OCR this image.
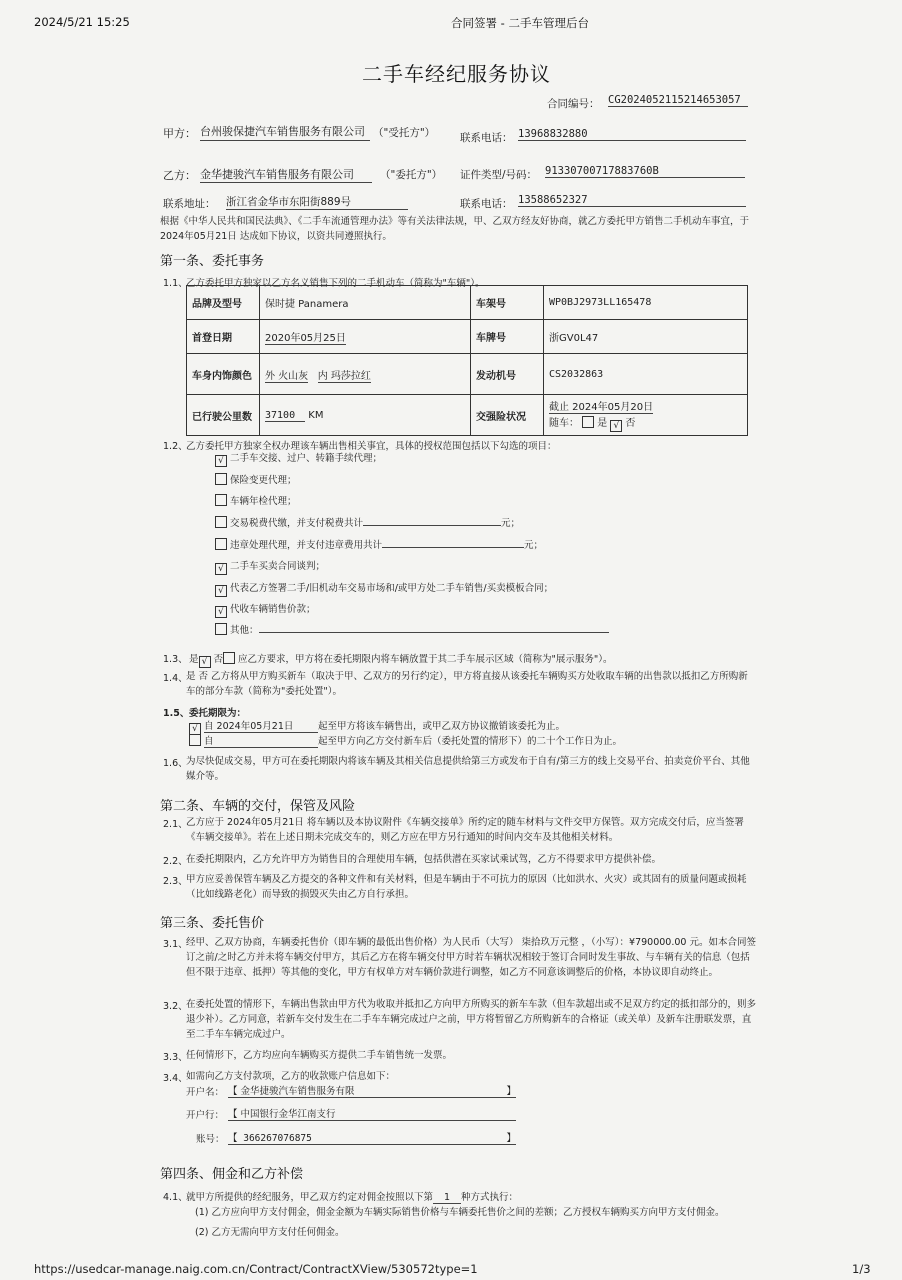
2024/5/21 15:25	合同签署 - 二手车管理后台
二手车经纪服务协议
合同编号： CG2024052115214653057
甲方： 台州骏保捷汽车销售服务有限公司 （"受托方"） 联系电话： 13968832880
乙方： 金华捷骏汽车销售服务有限公司	（"委托方"） 证件类型/号码： 91330700717883760B
联系地址： 浙江省金华市东阳街889号	联系电话： 13588652327
根据《中华人民共和国民法典》、《二手车流通管理办法》等有关法律法规，甲、乙双方经友好协商，就乙方委托甲方销售二手机动车事宜，于 2024年05月21日 达成如下协议，以资共同遵照执行。
第一条、委托事务
1.1、
乙方委托甲方独家以乙方名义销售下列的二手机动车（简称为"车辆"）。
品牌及型号	保时捷 Panamera	车架号	WP0BJ2973LL165478
首登日期	2020年05月25日	车牌号	浙GV0L47
车身内饰颜色	外 火山灰 内 玛莎拉红	发动机号	CS2032863
已行驶公里数	37100 KM	交强险状况	截止 2024年05月20日
随车： 是 √ 否
1.2、
乙方委托甲方独家全权办理该车辆出售相关事宜，具体的授权范围包括以下勾选的项目：
√ 二手车交接、过户、转籍手续代理；
保险变更代理；
车辆年检代理；
交易税费代缴，并支付税费共计	元；
违章处理代理，并支付违章费用共计	元；
√ 二手车买卖合同谈判；
√ 代表乙方签署二手/旧机动车交易市场和/或甲方处二手车销售/买卖模板合同；
√ 代收车辆销售价款；
其他：
1.3、 是 √ 否 应乙方要求，甲方将在委托期限内将车辆放置于其二手车展示区域（简称为"展示服务"）。
1.4、
是 否 乙方将从甲方购买新车（取决于甲、乙双方的另行约定），甲方将直接从该委托车辆购买方处收取车辆的出售款以抵扣乙方所购新车的部分车款（简称为"委托处置"）。
1.5、 委托期限为：
√ 自 2024年05月21日	起至甲方将该车辆售出，或甲乙双方协议撤销该委托为止。
自	起至甲方向乙方交付新车后（委托处置的情形下）的二十个工作日为止。
1.6、
为尽快促成交易，甲方可在委托期限内将该车辆及其相关信息提供给第三方或发布于自有/第三方的线上交易平台、拍卖竞价平台、其他媒介等。
第二条、车辆的交付，保管及风险
2.1、
乙方应于 2024年05月21日 将车辆以及本协议附件《车辆交接单》所约定的随车材料与文件交甲方保管。双方完成交付后，应当签署《车辆交接单》。若在上述日期未完成交车的，则乙方应在甲方另行通知的时间内交车及其他相关材料。
2.2、
在委托期限内，乙方允许甲方为销售目的合理使用车辆，包括供潜在买家试乘试驾，乙方不得要求甲方提供补偿。
2.3、
甲方应妥善保管车辆及乙方提交的各种文件和有关材料，但是车辆由于不可抗力的原因（比如洪水、火灾）或其固有的质量问题或损耗（比如线路老化）而导致的损毁灭失由乙方自行承担。
第三条、委托售价
3.1、
经甲、乙双方协商，车辆委托售价（即车辆的最低出售价格）为人民币（大写） 柒拾玖万元整 ，（小写）：¥790000.00 元。如本合同签订之前/之时乙方并未将车辆交付甲方，其后乙方在将车辆交付甲方时若车辆状况相较于签订合同时发生事故、与车辆有关的信息（包括但不限于违章、抵押）等其他的变化，甲方有权单方对车辆价款进行调整，如乙方不同意该调整后的价格，本协议即自动终止。
3.2、
在委托处置的情形下，车辆出售款由甲方代为收取并抵扣乙方向甲方所购买的新车车款（但车款超出或不足双方约定的抵扣部分的，则多退少补）。乙方同意，若新车交付发生在二手车车辆完成过户之前，甲方将暂留乙方所购新车的合格证（或关单）及新车注册联发票，直至二手车车辆完成过户。
3.3、
任何情形下，乙方均应向车辆购买方提供二手车销售统一发票。
3.4、
如需向乙方支付款项，乙方的收款账户信息如下：
开户名： 【 金华捷骏汽车销售服务有限	】
开户行： 【 中国银行金华江南支行
账号： 【 366267076875	】
第四条、佣金和乙方补偿
4.1、
就甲方所提供的经纪服务，甲乙双方约定对佣金按照以下第 1 种方式执行：
(1) 乙方应向甲方支付佣金，佣金金额为车辆实际销售价格与车辆委托售价之间的差额；乙方授权车辆购买方向甲方支付佣金。
(2) 乙方无需向甲方支付任何佣金。
https://usedcar-manage.naig.com.cn/Contract/ContractXView/530572type=1	1/3
